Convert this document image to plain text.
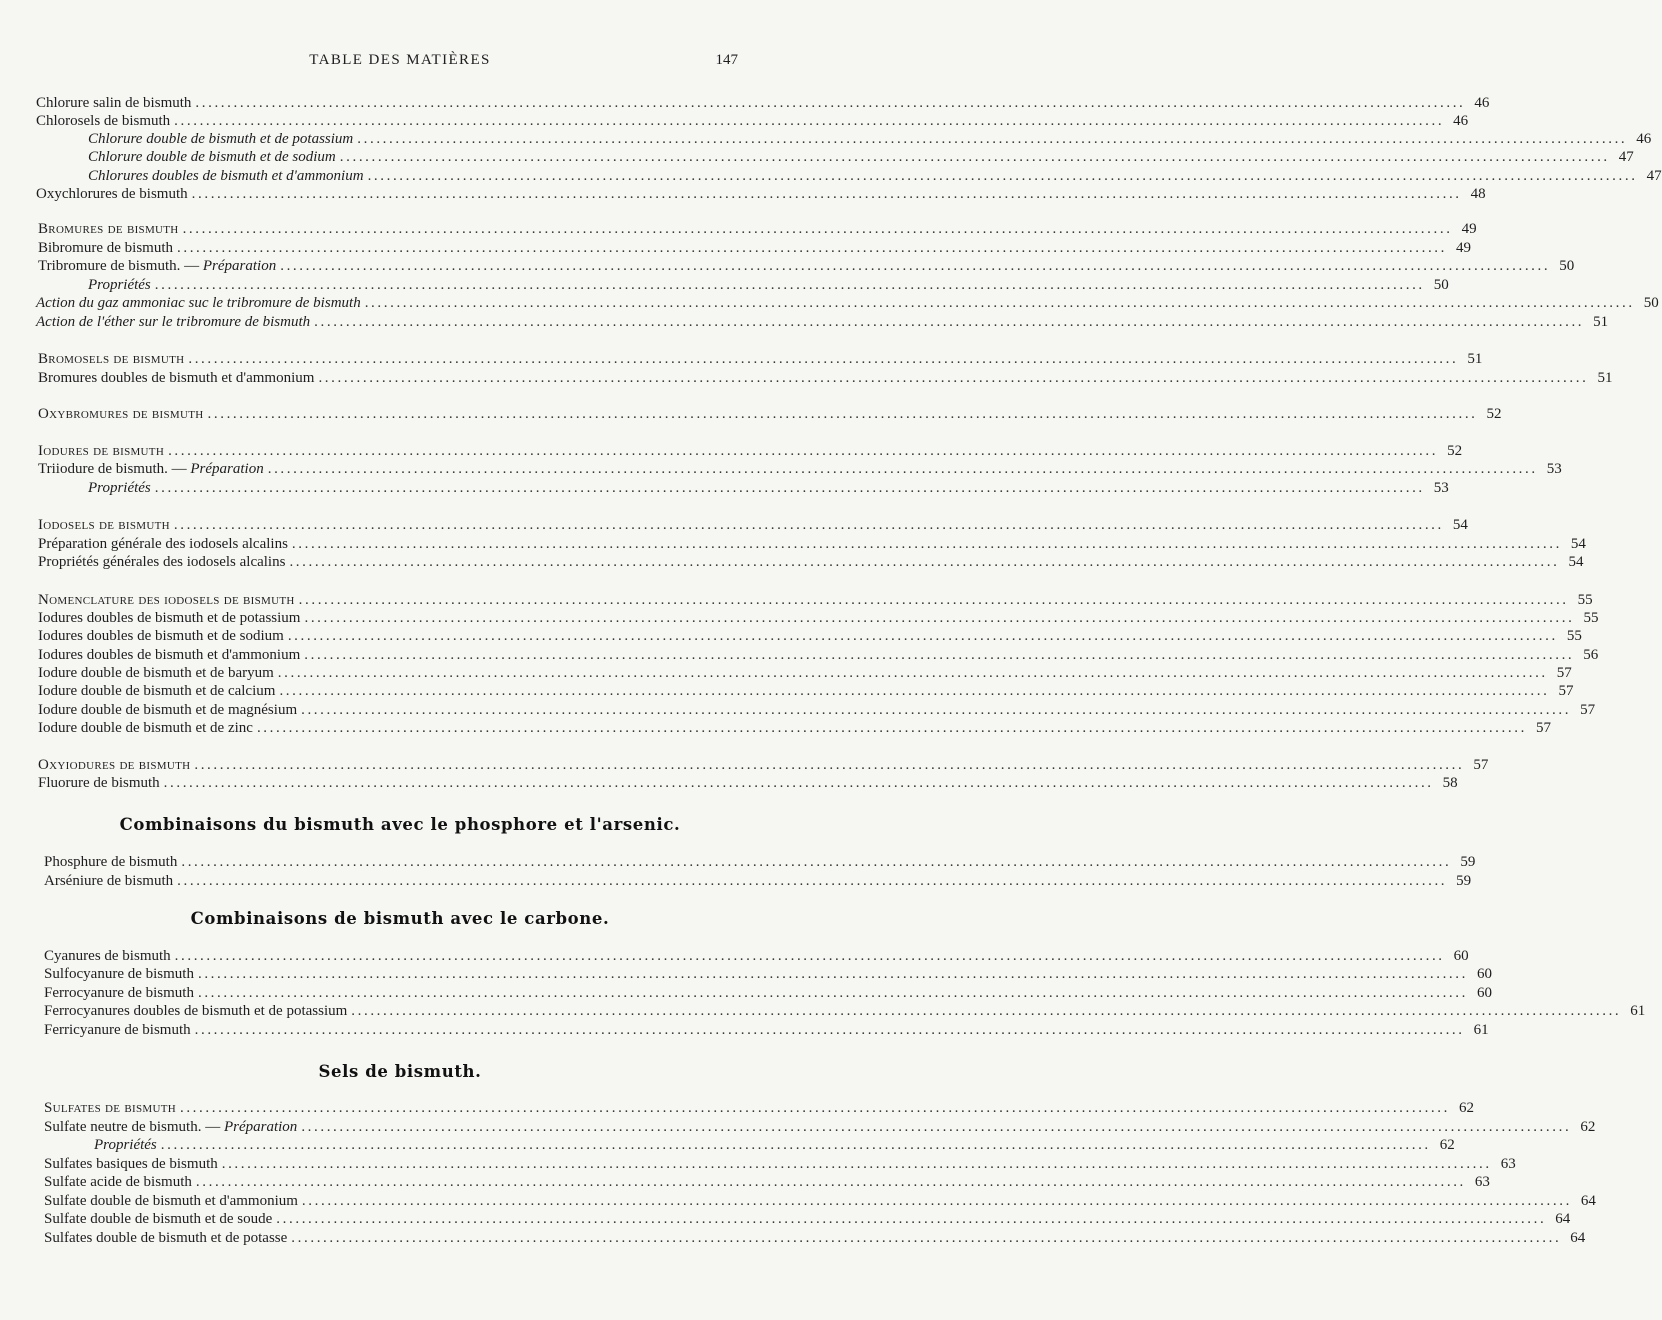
TABLE DES MATIÈRES	147
Chlorure salin de bismuth ........................................................................................................................................................................................................ 46
Chlorosels de bismuth ........................................................................................................................................................................................................ 46
Chlorure double de bismuth et de potassium ........................................................................................................................................................................................................ 46
Chlorure double de bismuth et de sodium ........................................................................................................................................................................................................ 47
Chlorures doubles de bismuth et d'ammonium ........................................................................................................................................................................................................ 47
Oxychlorures de bismuth ........................................................................................................................................................................................................ 48
Bromures de bismuth ........................................................................................................................................................................................................ 49
Bibromure de bismuth ........................................................................................................................................................................................................ 49
Tribromure de bismuth. — Préparation ........................................................................................................................................................................................................ 50
Propriétés ........................................................................................................................................................................................................ 50
Action du gaz ammoniac suc le tribromure de bismuth ........................................................................................................................................................................................................ 50
Action de l'éther sur le tribromure de bismuth ........................................................................................................................................................................................................ 51
Bromosels de bismuth ........................................................................................................................................................................................................ 51
Bromures doubles de bismuth et d'ammonium ........................................................................................................................................................................................................ 51
Oxybromures de bismuth ........................................................................................................................................................................................................ 52
Iodures de bismuth ........................................................................................................................................................................................................ 52
Triiodure de bismuth. — Préparation ........................................................................................................................................................................................................ 53
Propriétés ........................................................................................................................................................................................................ 53
Iodosels de bismuth ........................................................................................................................................................................................................ 54
Préparation générale des iodosels alcalins ........................................................................................................................................................................................................ 54
Propriétés générales des iodosels alcalins ........................................................................................................................................................................................................ 54
Nomenclature des iodosels de bismuth ........................................................................................................................................................................................................ 55
Iodures doubles de bismuth et de potassium ........................................................................................................................................................................................................ 55
Iodures doubles de bismuth et de sodium ........................................................................................................................................................................................................ 55
Iodures doubles de bismuth et d'ammonium ........................................................................................................................................................................................................ 56
Iodure double de bismuth et de baryum ........................................................................................................................................................................................................ 57
Iodure double de bismuth et de calcium ........................................................................................................................................................................................................ 57
Iodure double de bismuth et de magnésium ........................................................................................................................................................................................................ 57
Iodure double de bismuth et de zinc ........................................................................................................................................................................................................ 57
Oxyiodures de bismuth ........................................................................................................................................................................................................ 57
Fluorure de bismuth ........................................................................................................................................................................................................ 58
Phosphure de bismuth ........................................................................................................................................................................................................ 59
Arséniure de bismuth ........................................................................................................................................................................................................ 59
Cyanures de bismuth ........................................................................................................................................................................................................ 60
Sulfocyanure de bismuth ........................................................................................................................................................................................................ 60
Ferrocyanure de bismuth ........................................................................................................................................................................................................ 60
Ferrocyanures doubles de bismuth et de potassium ........................................................................................................................................................................................................ 61
Ferricyanure de bismuth ........................................................................................................................................................................................................ 61
Sulfates de bismuth ........................................................................................................................................................................................................ 62
Sulfate neutre de bismuth. — Préparation ........................................................................................................................................................................................................ 62
Propriétés ........................................................................................................................................................................................................ 62
Sulfates basiques de bismuth ........................................................................................................................................................................................................ 63
Sulfate acide de bismuth ........................................................................................................................................................................................................ 63
Sulfate double de bismuth et d'ammonium ........................................................................................................................................................................................................ 64
Sulfate double de bismuth et de soude ........................................................................................................................................................................................................ 64
Sulfates double de bismuth et de potasse ........................................................................................................................................................................................................ 64
Combinaisons du bismuth avec le phosphore et l'arsenic.
Combinaisons de bismuth avec le carbone.
Sels de bismuth.
